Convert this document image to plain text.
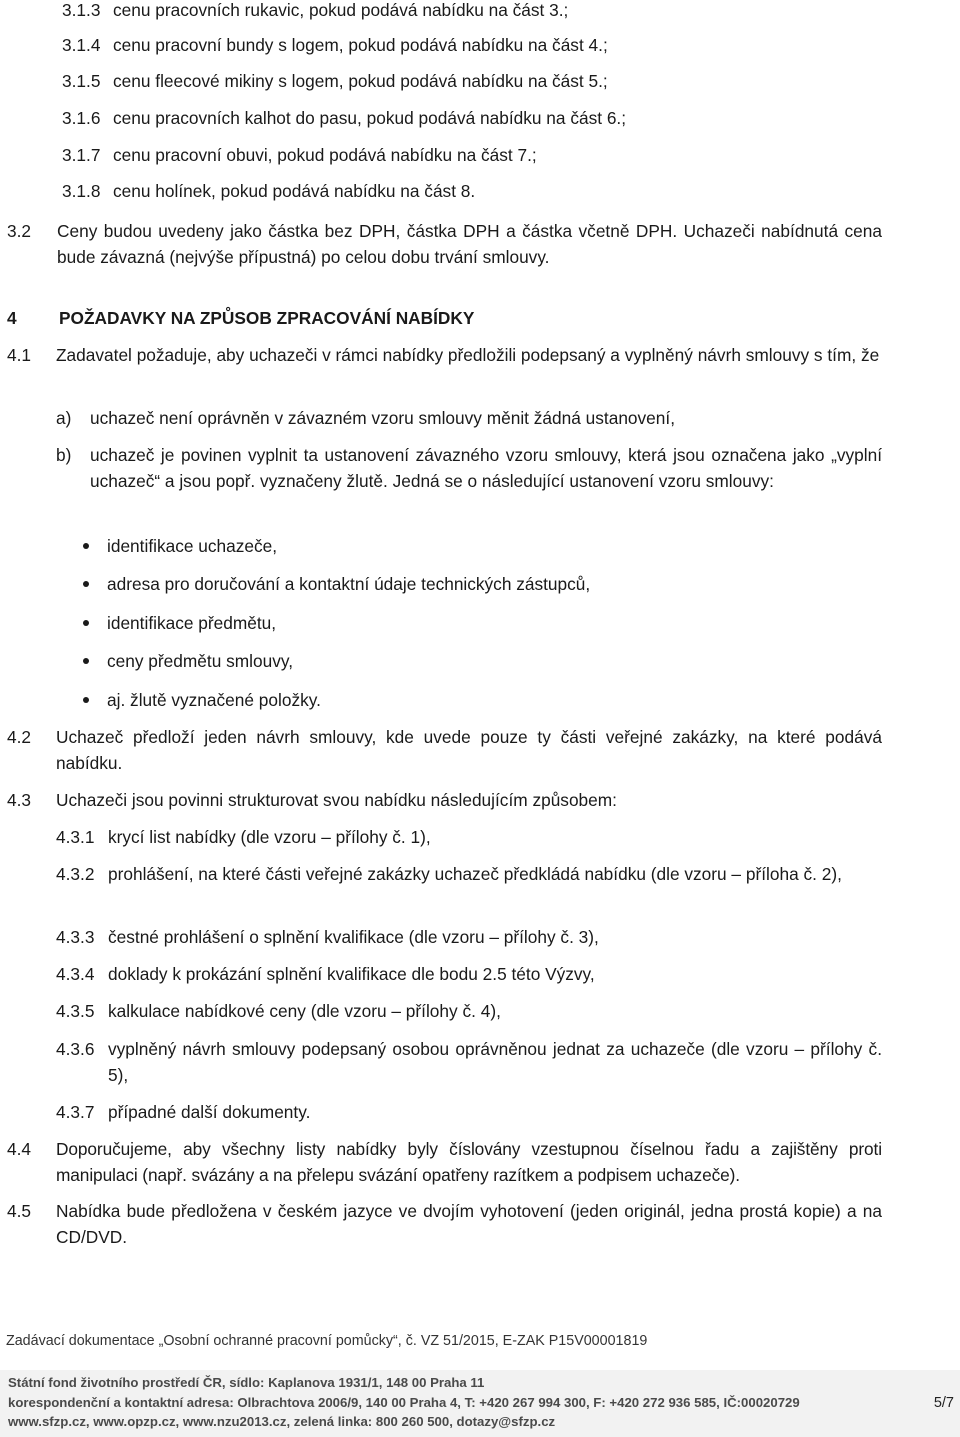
3.1.3 cenu pracovních rukavic, pokud podává nabídku na část 3.;
3.1.4 cenu pracovní bundy s logem, pokud podává nabídku na část 4.;
3.1.5 cenu fleecové mikiny s logem, pokud podává nabídku na část 5.;
3.1.6 cenu pracovních kalhot do pasu, pokud podává nabídku na část 6.;
3.1.7 cenu pracovní obuvi, pokud podává nabídku na část 7.;
3.1.8 cenu holínek, pokud podává nabídku na část 8.
3.2 Ceny budou uvedeny jako částka bez DPH, částka DPH a částka včetně DPH. Uchazeči nabídnutá cena bude závazná (nejvýše přípustná) po celou dobu trvání smlouvy.
4 POŽADAVKY NA ZPŮSOB ZPRACOVÁNÍ NABÍDKY
4.1 Zadavatel požaduje, aby uchazeči v rámci nabídky předložili podepsaný a vyplněný návrh smlouvy s tím, že
a) uchazeč není oprávněn v závazném vzoru smlouvy měnit žádná ustanovení,
b) uchazeč je povinen vyplnit ta ustanovení závazného vzoru smlouvy, která jsou označena jako „vyplní uchazeč“ a jsou popř. vyznačeny žlutě. Jedná se o následující ustanovení vzoru smlouvy:
identifikace uchazeče,
adresa pro doručování a kontaktní údaje technických zástupců,
identifikace předmětu,
ceny předmětu smlouvy,
aj. žlutě vyznačené položky.
4.2 Uchazeč předloží jeden návrh smlouvy, kde uvede pouze ty části veřejné zakázky, na které podává nabídku.
4.3 Uchazeči jsou povinni strukturovat svou nabídku následujícím způsobem:
4.3.1 krycí list nabídky (dle vzoru – přílohy č. 1),
4.3.2 prohlášení, na které části veřejné zakázky uchazeč předkládá nabídku (dle vzoru – příloha č. 2),
4.3.3 čestné prohlášení o splnění kvalifikace (dle vzoru – přílohy č. 3),
4.3.4 doklady k prokázání splnění kvalifikace dle bodu 2.5 této Výzvy,
4.3.5 kalkulace nabídkové ceny (dle vzoru – přílohy č. 4),
4.3.6 vyplněný návrh smlouvy podepsaný osobou oprávněnou jednat za uchazeče (dle vzoru – přílohy č. 5),
4.3.7 případné další dokumenty.
4.4 Doporučujeme, aby všechny listy nabídky byly číslovány vzestupnou číselnou řadu a zajištěny proti manipulaci (např. svázány a na přelepu svázání opatřeny razítkem a podpisem uchazeče).
4.5 Nabídka bude předložena v českém jazyce ve dvojím vyhotovení (jeden originál, jedna prostá kopie) a na CD/DVD.
Zadávací dokumentace „Osobní ochranné pracovní pomůcky“, č. VZ 51/2015, E-ZAK P15V00001819
Státní fond životního prostředí ČR, sídlo: Kaplanova 1931/1, 148 00 Praha 11
korespondenční a kontaktní adresa: Olbrachtova 2006/9, 140 00 Praha 4, T: +420 267 994 300, F: +420 272 936 585, IČ:00020729
www.sfzp.cz, www.opzp.cz, www.nzu2013.cz, zelená linka: 800 260 500, dotazy@sfzp.cz
5/7
